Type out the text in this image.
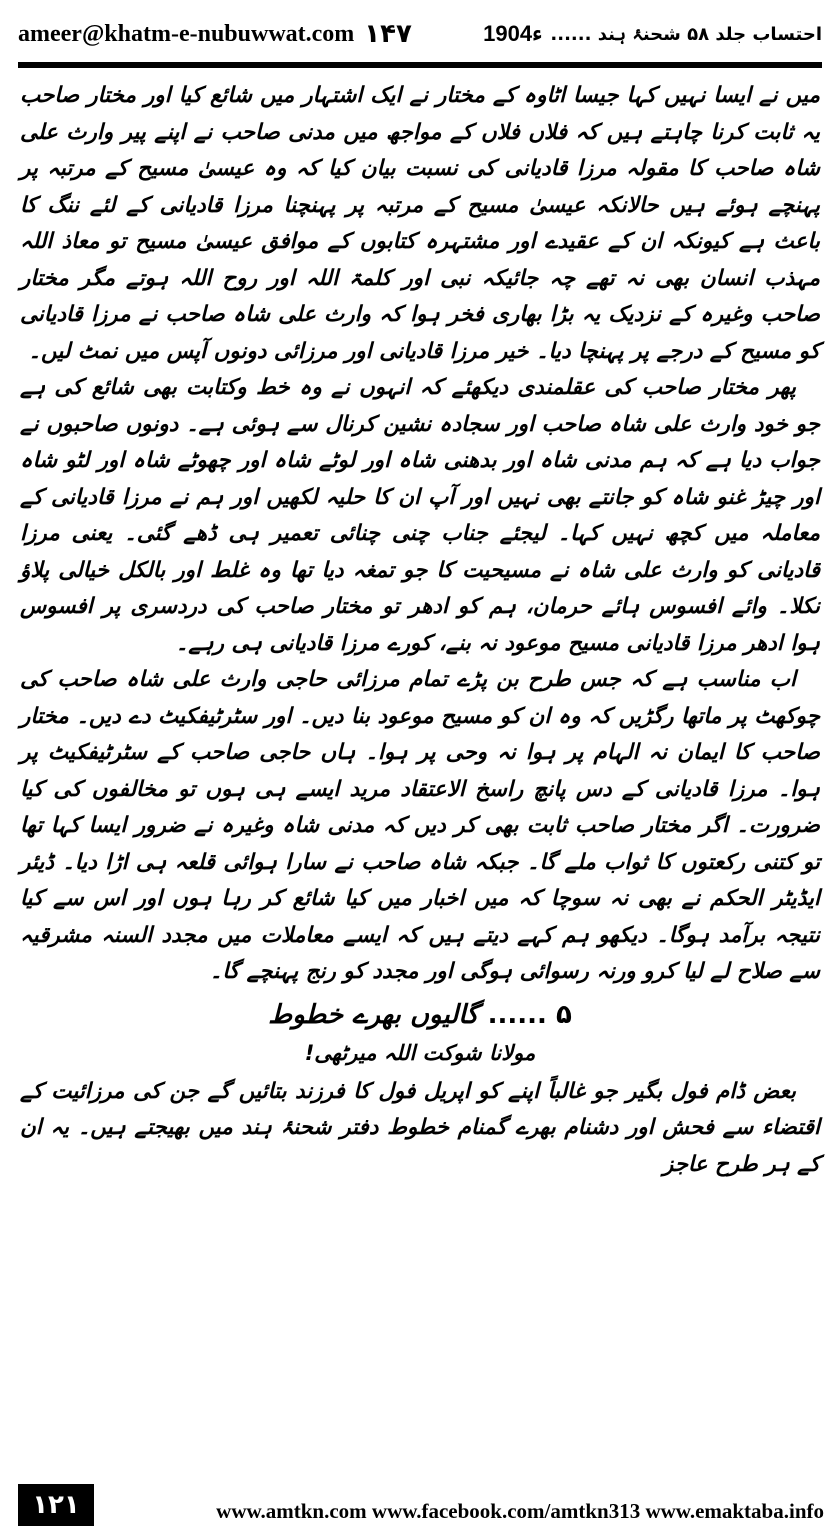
ameer@khatm-e-nubuwwat.com ۱۴۷	احتساب جلد ۵۸ شحنۂ ہند ......
1904ء

میں نے ایسا نہیں کہا جیسا اٹاوہ کے مختار نے ایک اشتہار میں شائع کیا اور مختار صاحب یہ ثابت کرنا چاہتے ہیں کہ فلاں فلاں کے مواجھ میں مدنی صاحب نے اپنے پیر وارث علی شاہ صاحب کا مقولہ مرزا قادیانی کی نسبت بیان کیا کہ وہ عیسیٰ مسیح کے مرتبہ پر پہنچے ہوئے ہیں حالانکہ عیسیٰ مسیح کے مرتبہ پر پہنچنا مرزا قادیانی کے لئے ننگ کا باعث ہے کیونکہ ان کے عقیدے اور مشتہرہ کتابوں کے موافق عیسیٰ مسیح تو معاذ اللہ مہذب انسان بھی نہ تھے چہ جائیکہ نبی اور کلمۃ اللہ اور روح اللہ ہوتے مگر مختار صاحب وغیرہ کے نزدیک یہ بڑا بھاری فخر ہوا کہ وارث علی شاہ صاحب نے مرزا قادیانی کو مسیح کے درجے پر پہنچا دیا۔ خیر مرزا قادیانی اور مرزائی دونوں آپس میں نمٹ لیں۔

پھر مختار صاحب کی عقلمندی دیکھئے کہ انہوں نے وہ خط وکتابت بھی شائع کی ہے جو خود وارث علی شاہ صاحب اور سجادہ نشین کرنال سے ہوئی ہے۔ دونوں صاحبوں نے جواب دیا ہے کہ ہم مدنی شاہ اور بدھنی شاہ اور لوٹے شاہ اور چھوٹے شاہ اور لٹو شاہ اور چیڑ غنو شاہ کو جانتے بھی نہیں اور آپ ان کا حلیہ لکھیں اور ہم نے مرزا قادیانی کے معاملہ میں کچھ نہیں کہا۔ لیجئے جناب چنی چنائی تعمیر ہی ڈھے گئی۔ یعنی مرزا قادیانی کو وارث علی شاہ نے مسیحیت کا جو تمغہ دیا تھا وہ غلط اور بالکل خیالی پلاؤ نکلا۔ وائے افسوس ہائے حرمان، ہم کو ادھر تو مختار صاحب کی دردسری پر افسوس ہوا ادھر مرزا قادیانی مسیح موعود نہ بنے، کورے مرزا قادیانی ہی رہے۔

اب مناسب ہے کہ جس طرح بن پڑے تمام مرزائی حاجی وارث علی شاہ صاحب کی چوکھٹ پر ماتھا رگڑیں کہ وہ ان کو مسیح موعود بنا دیں۔ اور سٹرٹیفکیٹ دے دیں۔ مختار صاحب کا ایمان نہ الہام پر ہوا نہ وحی پر ہوا۔ ہاں حاجی صاحب کے سٹرٹیفکیٹ پر ہوا۔ مرزا قادیانی کے دس پانچ راسخ الاعتقاد مرید ایسے ہی ہوں تو مخالفوں کی کیا ضرورت۔ اگر مختار صاحب ثابت بھی کر دیں کہ مدنی شاہ وغیرہ نے ضرور ایسا کہا تھا تو کتنی رکعتوں کا ثواب ملے گا۔ جبکہ شاہ صاحب نے سارا ہوائی قلعہ ہی اڑا دیا۔ ڈیئر ایڈیٹر الحکم نے بھی نہ سوچا کہ میں اخبار میں کیا شائع کر رہا ہوں اور اس سے کیا نتیجہ برآمد ہوگا۔ دیکھو ہم کہے دیتے ہیں کہ ایسے معاملات میں مجدد السنہ مشرقیہ سے صلاح لے لیا کرو ورنہ رسوائی ہوگی اور مجدد کو رنج پہنچے گا۔

۵ ...... گالیوں بھرے خطوط
مولانا شوکت اللہ میرٹھی!

بعض ڈام فول بگیر جو غالباً اپنے کو اپریل فول کا فرزند بتائیں گے جن کی مرزائیت کے اقتضاء سے فحش اور دشنام بھرے گمنام خطوط دفتر شحنۂ ہند میں بھیجتے ہیں۔ یہ ان کے ہر طرح عاجز

۱۲۱	www.amtkn.com www.facebook.com/amtkn313 www.emaktaba.info
